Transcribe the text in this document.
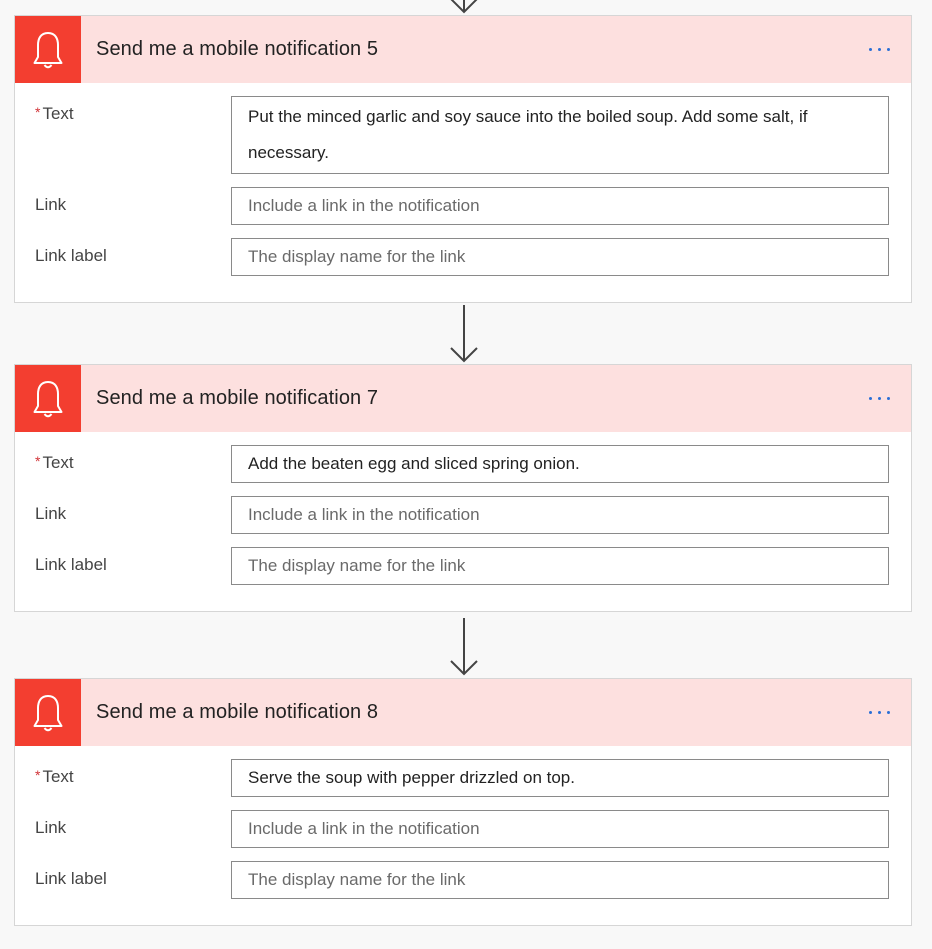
Send me a mobile notification 5
* Text	Put the minced garlic and soy sauce into the boiled soup. Add some salt, if necessary.
Link	Include a link in the notification
Link label	The display name for the link
Send me a mobile notification 7
* Text	Add the beaten egg and sliced spring onion.
Link	Include a link in the notification
Link label	The display name for the link
Send me a mobile notification 8
* Text	Serve the soup with pepper drizzled on top.
Link	Include a link in the notification
Link label	The display name for the link
